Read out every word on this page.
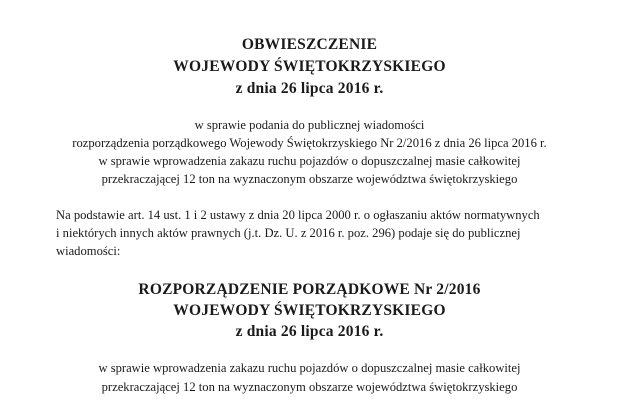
OBWIESZCZENIE
WOJEWODY ŚWIĘTOKRZYSKIEGO
z dnia 26 lipca 2016 r.
w sprawie podania do publicznej wiadomości
rozporządzenia porządkowego Wojewody Świętokrzyskiego Nr 2/2016 z dnia 26 lipca 2016 r.
w sprawie wprowadzenia zakazu ruchu pojazdów o dopuszczalnej masie całkowitej
przekraczającej 12 ton na wyznaczonym obszarze województwa świętokrzyskiego
Na podstawie art. 14 ust. 1 i 2 ustawy z dnia 20 lipca 2000 r. o ogłaszaniu aktów normatywnych
i niektórych innych aktów prawnych (j.t. Dz. U. z 2016 r. poz. 296) podaje się do publicznej
wiadomości:
ROZPORZĄDZENIE PORZĄDKOWE Nr 2/2016
WOJEWODY ŚWIĘTOKRZYSKIEGO
z dnia 26 lipca 2016 r.
w sprawie wprowadzenia zakazu ruchu pojazdów o dopuszczalnej masie całkowitej
przekraczającej 12 ton na wyznaczonym obszarze województwa świętokrzyskiego
